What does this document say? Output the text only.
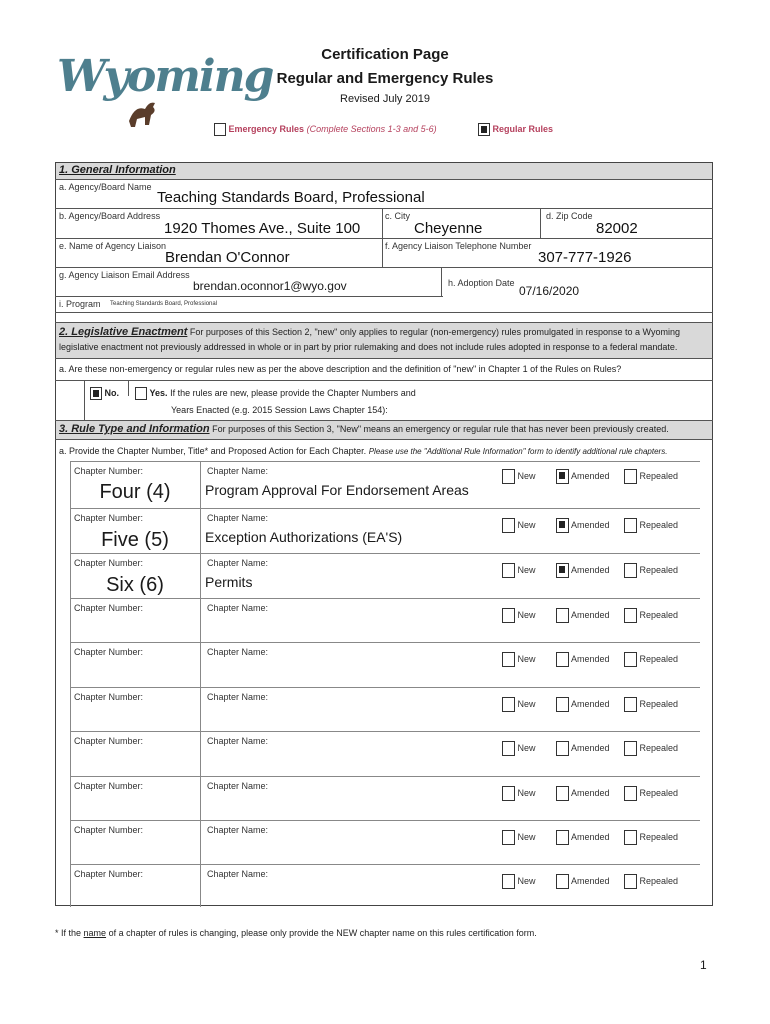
Wyoming	Certification Page
Regular and Emergency Rules
Revised July 2019
Emergency Rules (Complete Sections 1-3 and 5-6)	Regular Rules
1. General Information
a. Agency/Board Name
Teaching Standards Board, Professional
b. Agency/Board Address
1920 Thomes Ave., Suite 100
c. City
Cheyenne
d. Zip Code
82002
e. Name of Agency Liaison
Brendan O'Connor
f. Agency Liaison Telephone Number
307-777-1926
g. Agency Liaison Email Address
brendan.oconnor1@wyo.gov	h. Adoption Date
07/16/2020
i. Program Teaching Standards Board, Professional
2. Legislative Enactment For purposes of this Section 2, "new" only applies to regular (non-emergency) rules promulgated in response to a Wyoming legislative enactment not previously addressed in whole or in part by prior rulemaking and does not include rules adopted in response to a federal mandate.
a. Are these non-emergency or regular rules new as per the above description and the definition of "new" in Chapter 1 of the Rules on Rules?
No.	Yes. If the rules are new, please provide the Chapter Numbers and
Years Enacted (e.g. 2015 Session Laws Chapter 154):
3. Rule Type and Information For purposes of this Section 3, "New" means an emergency or regular rule that has never been previously created.
a. Provide the Chapter Number, Title* and Proposed Action for Each Chapter. Please use the "Additional Rule Information" form to identify additional rule chapters.
Chapter Number:	Chapter Name:
Four (4)	Program Approval For Endorsement Areas
New	Amended	Repealed
Chapter Number:	Chapter Name:
Five (5)	Exception Authorizations (EA'S)
New	Amended	Repealed
Chapter Number:	Chapter Name:
Six (6)	Permits
New	Amended	Repealed
Chapter Number:	Chapter Name:
New	Amended	Repealed
Chapter Number:	Chapter Name:
New	Amended	Repealed
Chapter Number:	Chapter Name:
New	Amended	Repealed
Chapter Number:	Chapter Name:
New	Amended	Repealed
Chapter Number:	Chapter Name:
New	Amended	Repealed
Chapter Number:	Chapter Name:
New	Amended	Repealed
Chapter Number:	Chapter Name:
New	Amended	Repealed
* If the name of a chapter of rules is changing, please only provide the NEW chapter name on this rules certification form.
1
